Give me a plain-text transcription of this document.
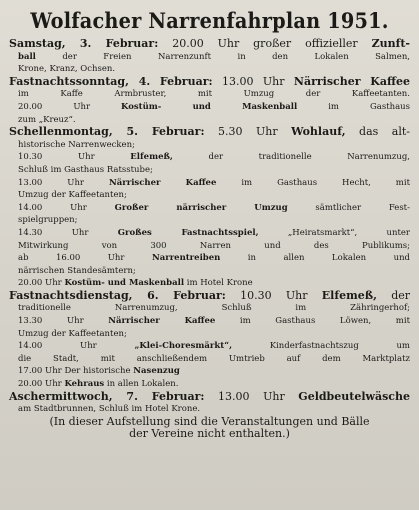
Wolfacher Narrenfahrplan 1951.
Samstag, 3. Februar: 20.00 Uhr großer offizieller Zunft-
ball der Freien Narrenzunft in den Lokalen Salmen,
Krone, Kranz, Ochsen.
Fastnachtssonntag, 4. Februar: 13.00 Uhr Närrischer Kaffee
im Kaffe Armbruster, mit Umzug der Kaffeetanten.
20.00 Uhr Kostüm- und Maskenball im Gasthaus
zum „Kreuz“.
Schellenmontag, 5. Februar: 5.30 Uhr Wohlauf, das alt-
historische Narrenwecken;
10.30 Uhr Elfemeß, der traditionelle Narrenumzug,
Schluß im Gasthaus Ratsstube;
13.00 Uhr Närrischer Kaffee im Gasthaus Hecht, mit
Umzug der Kaffeetanten;
14.00 Uhr Großer närrischer Umzug sämtlicher Fest-
spielgruppen;
14.30 Uhr Großes Fastnachtsspiel, „Heiratsmarkt“, unter
Mitwirkung von 300 Narren und des Publikums;
ab 16.00 Uhr Narrentreiben in allen Lokalen und
närrischen Standesämtern;
20.00 Uhr Kostüm- und Maskenball im Hotel Krone
Fastnachtsdienstag, 6. Februar: 10.30 Uhr Elfemeß, der
traditionelle Narrenumzug, Schluß im Zähringerhof;
13.30 Uhr Närrischer Kaffee im Gasthaus Löwen, mit
Umzug der Kaffeetanten;
14.00 Uhr „Klei-Choresmärkt“, Kinderfastnachtszug um
die Stadt, mit anschließendem Umtrieb auf dem Marktplatz
17.00 Uhr Der historische Nasenzug
20.00 Uhr Kehraus in allen Lokalen.
Aschermittwoch, 7. Februar: 13.00 Uhr Geldbeutelwäsche
am Stadtbrunnen, Schluß im Hotel Krone.
(In dieser Aufstellung sind die Veranstaltungen und Bälle
der Vereine nicht enthalten.)
